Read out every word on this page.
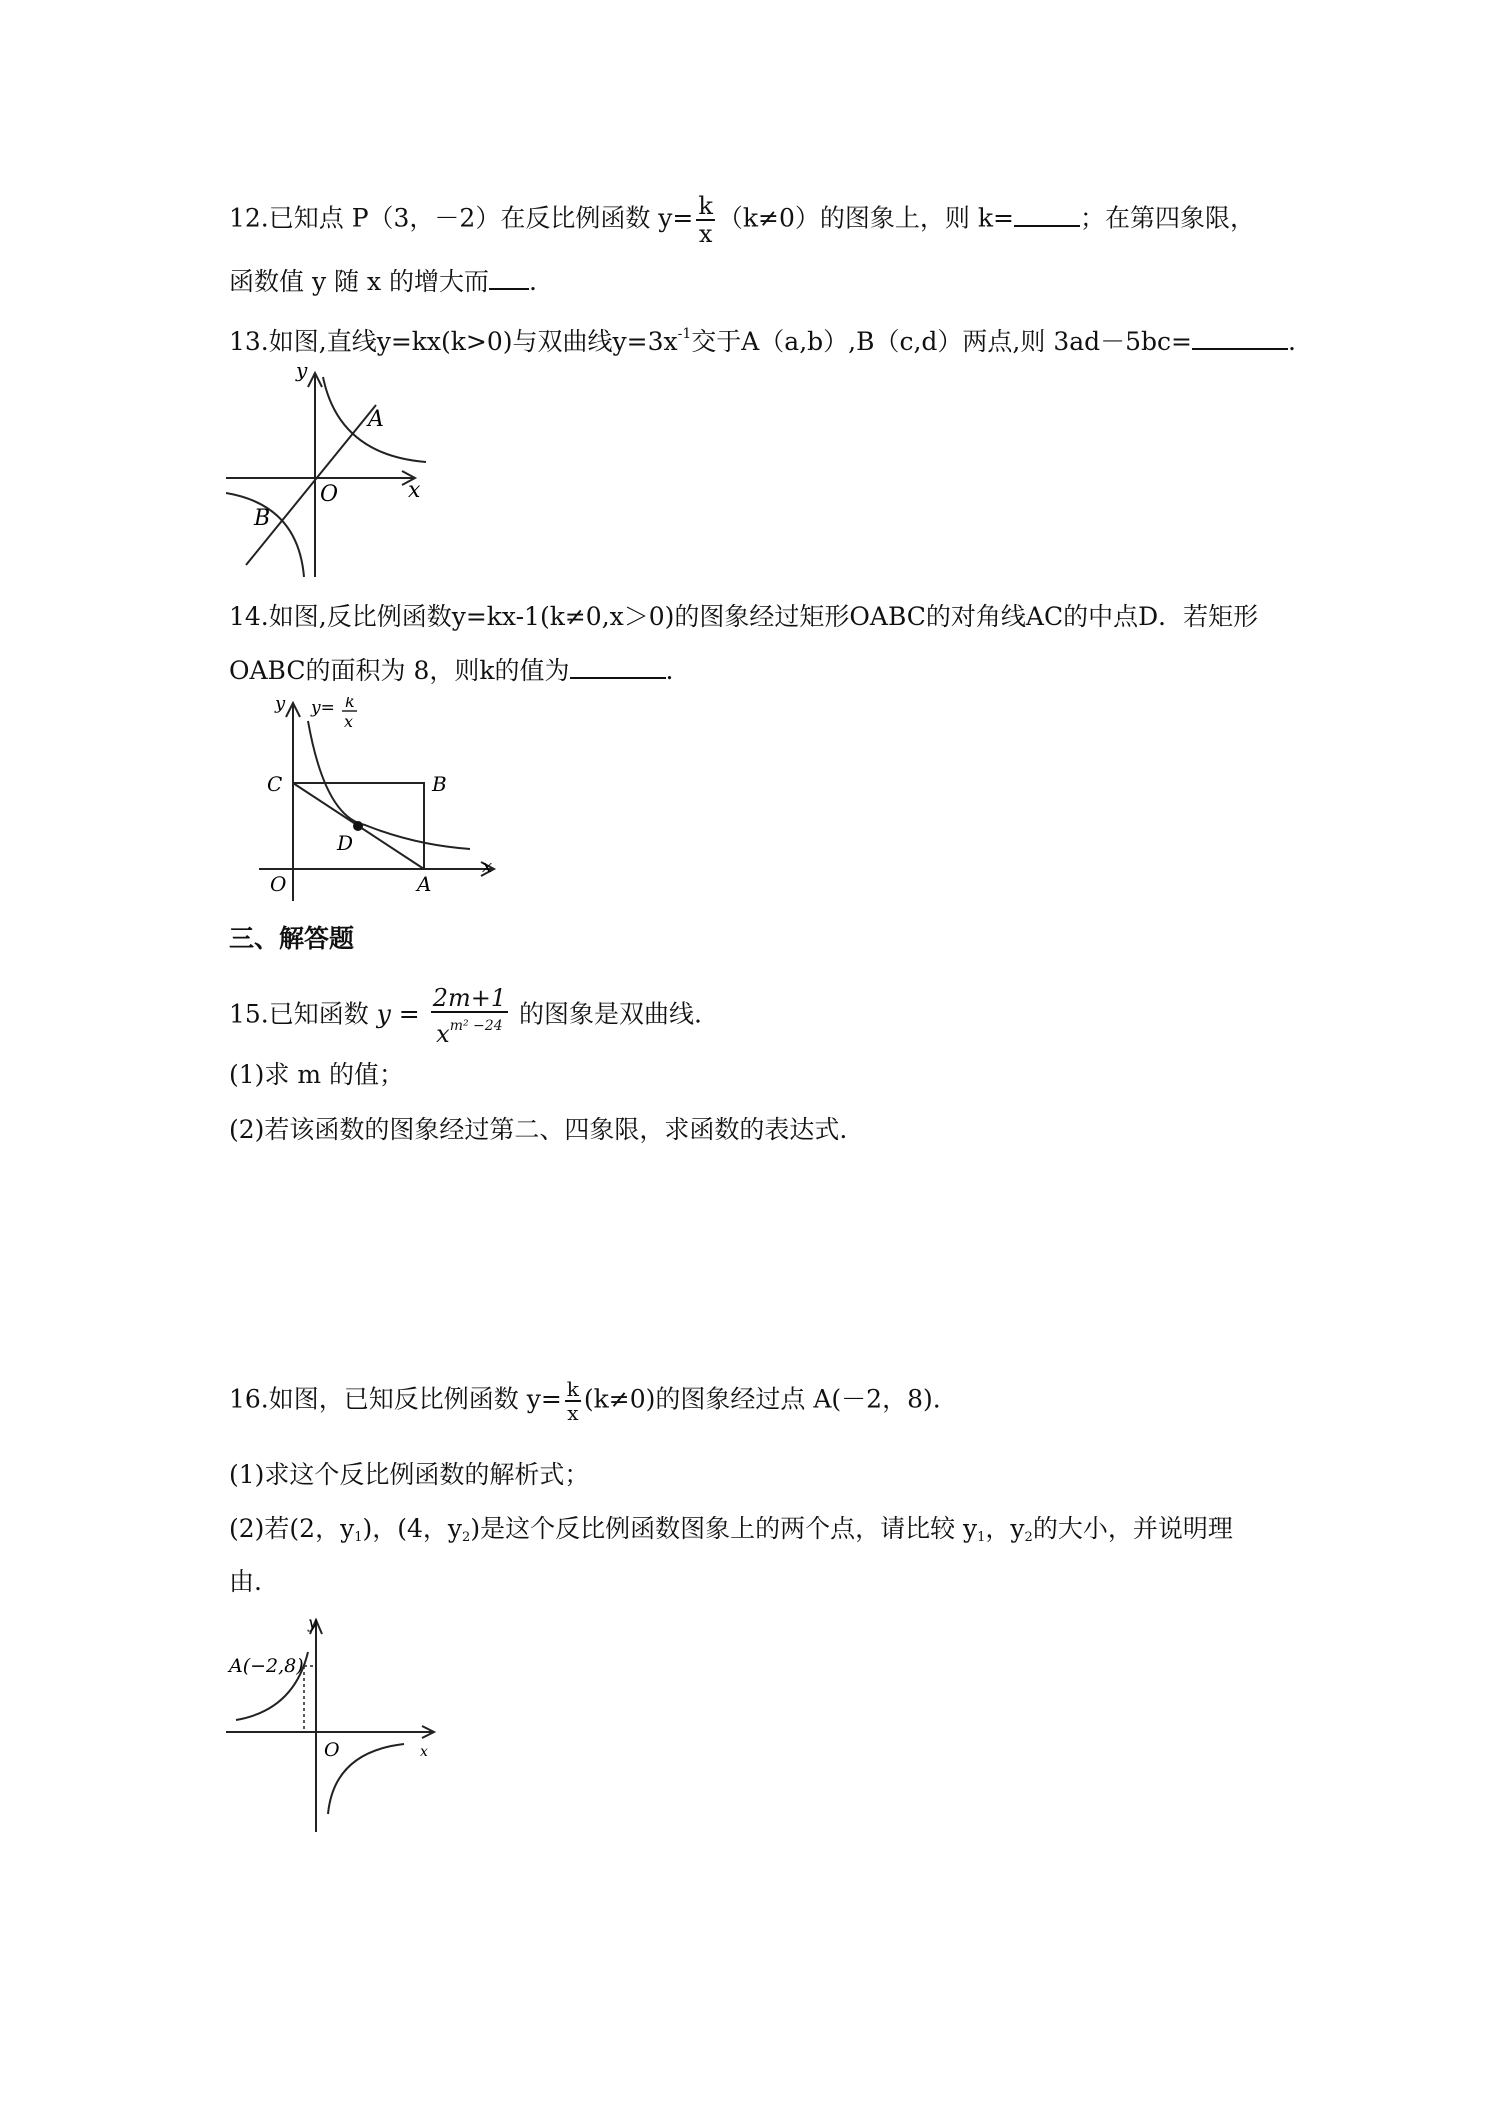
12.已知点 P（3，－2）在反比例函数 $y= \frac{k}{x} (k\ne 0)$的图象上，则 k=	；在第四象限，
函数值 y 随 x 的增大而 .
13.如图,直线y=kx(k>0)与双曲线$y=3x^{-1}$交于A（a,b）,B（c,d）两点,则 3ad－5bc=	.
y
x
O
A
B
14.如图,反比例函数y=kx-1(k≠0,x＞0)的图象经过矩形OABC的对角线AC的中点D．若矩形
OABC的面积为 8，则k的值为	.
y y= k
x
C	B
D
O	A
x
三、解答题
15.已知函数 $y = \frac{2m+1}{x^{m^2 -24}}$ 的图象是双曲线.
(1)求 m 的值；
(2)若该函数的图象经过第二、四象限，求函数的表达式.
16.如图，已知反比例函数 $y= \frac{k}{x} (k\ne 0)$的图象经过点 A(－2，8).
(1)求这个反比例函数的解析式；
(2)若(2，$y_1$)，(4，$y_2$)是这个反比例函数图象上的两个点，请比较 $y_1$，$y_2$的大小，并说明理
由.
y
A(−2,8)
O	x
